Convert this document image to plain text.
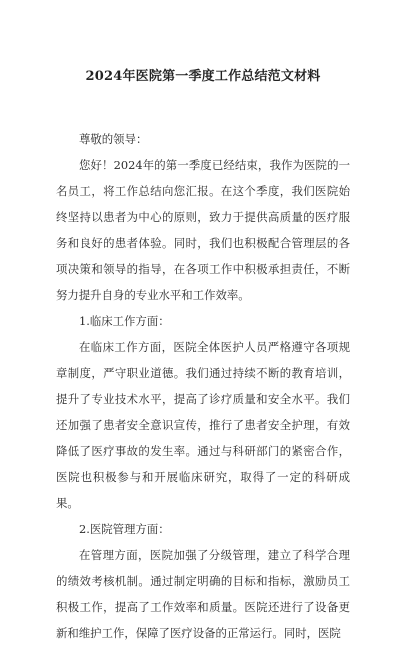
2024年医院第一季度工作总结范文材料

尊敬的领导：

您好！2024年的第一季度已经结束，我作为医院的一名员工，将工作总结向您汇报。在这个季度，我们医院始终坚持以患者为中心的原则，致力于提供高质量的医疗服务和良好的患者体验。同时，我们也积极配合管理层的各项决策和领导的指导，在各项工作中积极承担责任，不断努力提升自身的专业水平和工作效率。

1.临床工作方面：

在临床工作方面，医院全体医护人员严格遵守各项规章制度，严守职业道德。我们通过持续不断的教育培训，提升了专业技术水平，提高了诊疗质量和安全水平。我们还加强了患者安全意识宣传，推行了患者安全护理，有效降低了医疗事故的发生率。通过与科研部门的紧密合作，医院也积极参与和开展临床研究，取得了一定的科研成果。

2.医院管理方面：

在管理方面，医院加强了分级管理，建立了科学合理的绩效考核机制。通过制定明确的目标和指标，激励员工积极工作，提高了工作效率和质量。医院还进行了设备更新和维护工作，保障了医疗设备的正常运行。同时，医院
